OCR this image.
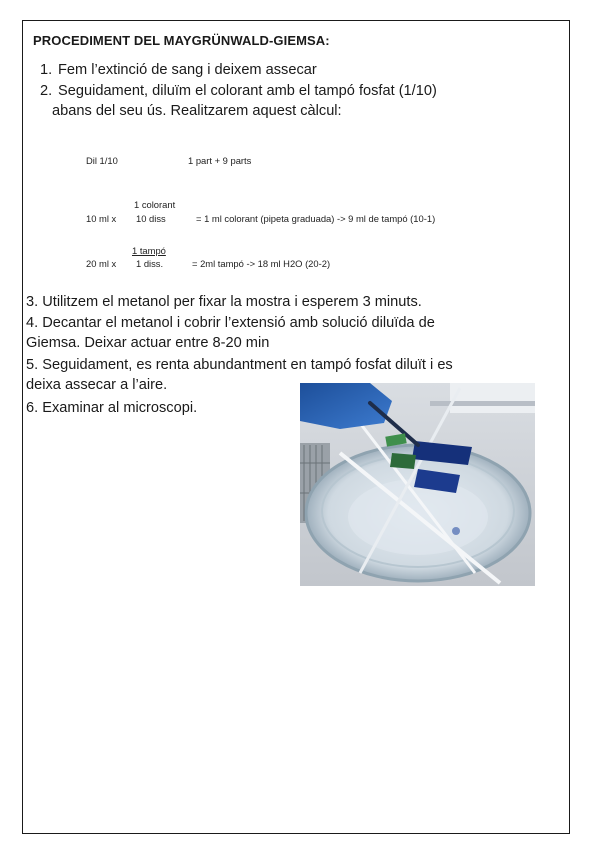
PROCEDIMENT DEL MAYGRÜNWALD-GIEMSA:
1. Fem l’extinció de sang i deixem assecar
2. Seguidament, diluïm el colorant amb el tampó fosfat (1/10)
abans del seu ús. Realitzarem aquest càlcul:
Dil 1/10	1 part + 9 parts
1 colorant
10 ml x 10 diss	= 1 ml colorant (pipeta graduada) -> 9 ml de tampó (10-1)
1 tampó
20 ml x 1 diss.	= 2ml tampó -> 18 ml H2O (20-2)
3. Utilitzem el metanol per fixar la mostra i esperem 3 minuts.
4. Decantar el metanol i cobrir l’extensió amb solució diluïda de
Giemsa. Deixar actuar entre 8-20 min
5. Seguidament, es renta abundantment en tampó fosfat diluït i es
deixa assecar a l’aire.
6. Examinar al microscopi.
